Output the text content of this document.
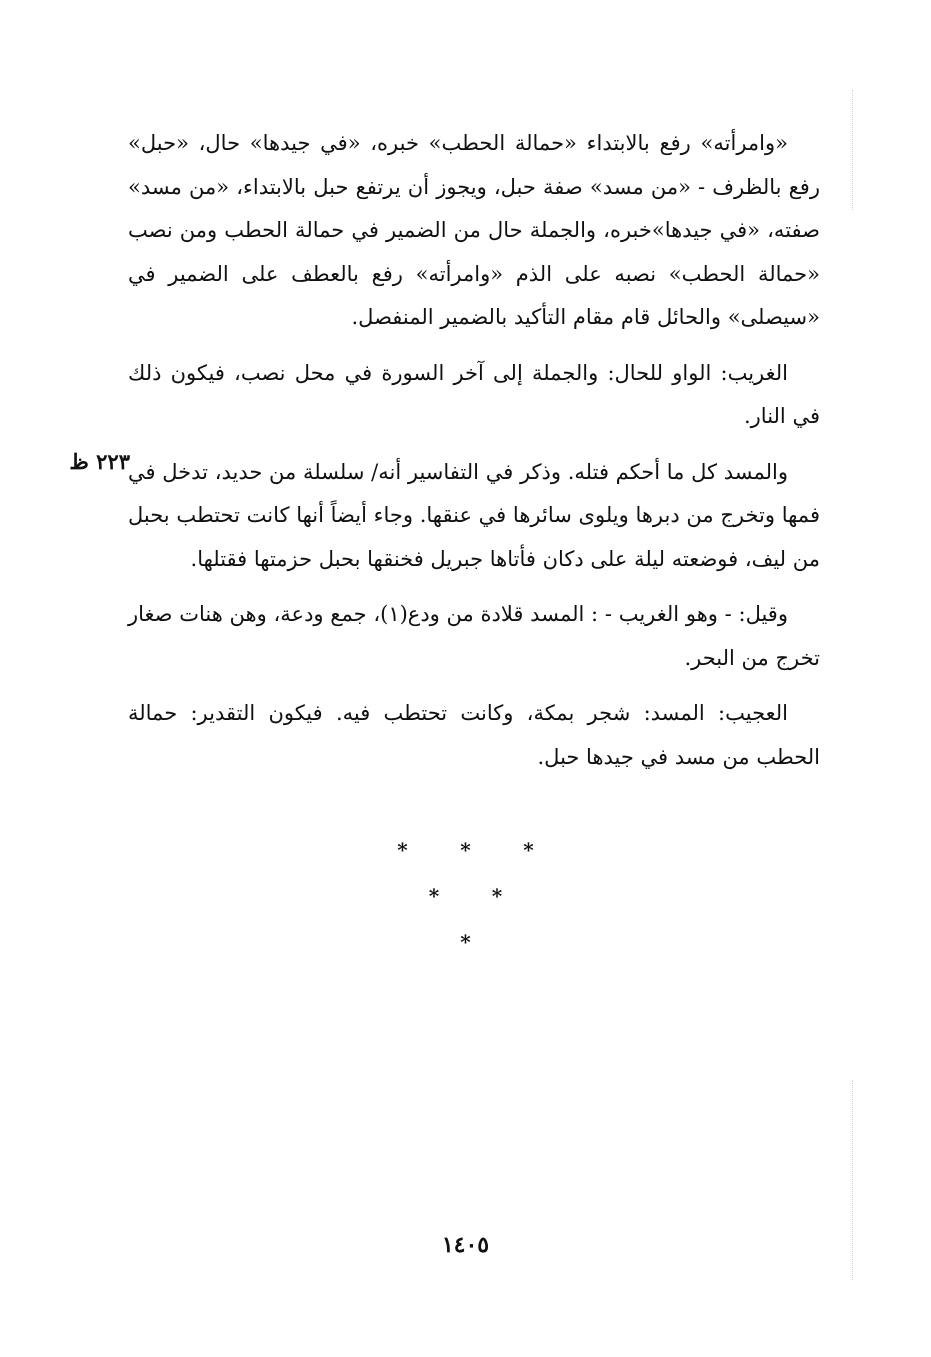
«وامرأته» رفع بالابتداء «حمالة الحطب» خبره، «في جيدها» حال، «حبل» رفع بالظرف - «من مسد» صفة حبل، ويجوز أن يرتفع حبل بالابتداء، «من مسد» صفته، «في جيدها»خبره، والجملة حال من الضمير في حمالة الحطب ومن نصب «حمالة الحطب» نصبه على الذم «وامرأته» رفع بالعطف على الضمير في «سيصلى» والحائل قام مقام التأكيد بالضمير المنفصل.

الغريب: الواو للحال: والجملة إلى آخر السورة في محل نصب، فيكون ذلك في النار.

والمسد كل ما أحكم فتله. وذكر في التفاسير أنه/ سلسلة من حديد، تدخل في فمها وتخرج من دبرها ويلوى سائرها في عنقها. وجاء أيضاً أنها كانت تحتطب بحبل من ليف، فوضعته ليلة على دكان فأتاها جبريل فخنقها بحبل حزمتها فقتلها.

وقيل: - وهو الغريب - : المسد قلادة من ودع(١)، جمع ودعة، وهن هنات صغار تخرج من البحر.

العجيب: المسد: شجر بمكة، وكانت تحتطب فيه. فيكون التقدير: حمالة الحطب من مسد في جيدها حبل.

٢٢٣ ظ
*	*	*
*	*
*
١٤٠٥
